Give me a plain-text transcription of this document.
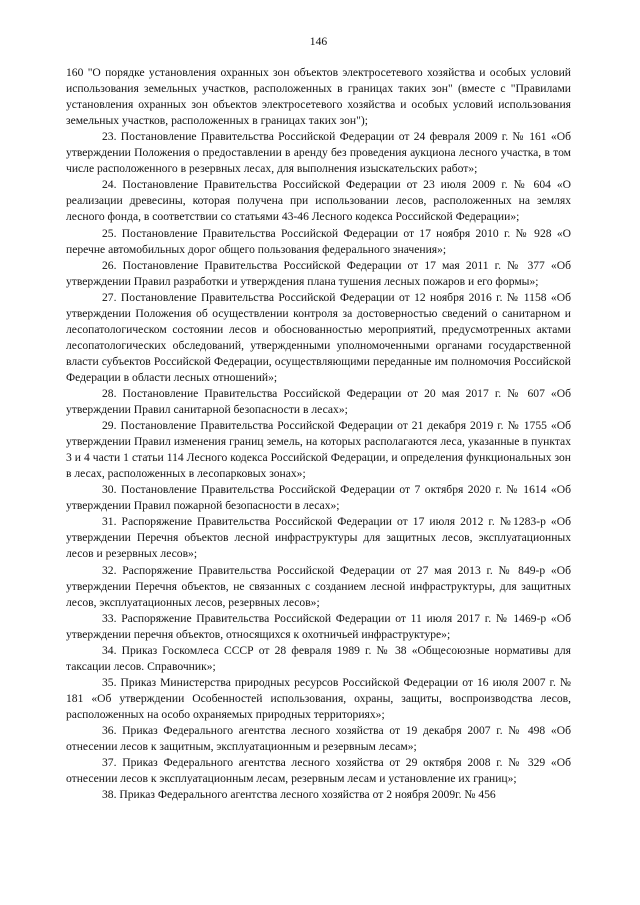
146

160 "О порядке установления охранных зон объектов электросетевого хозяйства и особых условий использования земельных участков, расположенных в границах таких зон" (вместе с "Правилами установления охранных зон объектов электросетевого хозяйства и особых условий использования земельных участков, расположенных в границах таких зон");

23. Постановление Правительства Российской Федерации от 24 февраля 2009 г. № 161 «Об утверждении Положения о предоставлении в аренду без проведения аукциона лесного участка, в том числе расположенного в резервных лесах, для выполнения изыскательских работ»;

24. Постановление Правительства Российской Федерации от 23 июля 2009 г. № 604 «О реализации древесины, которая получена при использовании лесов, расположенных на землях лесного фонда, в соответствии со статьями 43-46 Лесного кодекса Российской Федерации»;

25. Постановление Правительства Российской Федерации от 17 ноября 2010 г. № 928 «О перечне автомобильных дорог общего пользования федерального значения»;

26. Постановление Правительства Российской Федерации от 17 мая 2011 г. № 377 «Об утверждении Правил разработки и утверждения плана тушения лесных пожаров и его формы»;

27. Постановление Правительства Российской Федерации от 12 ноября 2016 г. № 1158 «Об утверждении Положения об осуществлении контроля за достоверностью сведений о санитарном и лесопатологическом состоянии лесов и обоснованностью мероприятий, предусмотренных актами лесопатологических обследований, утвержденными уполномоченными органами государственной власти субъектов Российской Федерации, осуществляющими переданные им полномочия Российской Федерации в области лесных отношений»;

28. Постановление Правительства Российской Федерации от 20 мая 2017 г. № 607 «Об утверждении Правил санитарной безопасности в лесах»;

29. Постановление Правительства Российской Федерации от 21 декабря 2019 г. № 1755 «Об утверждении Правил изменения границ земель, на которых располагаются леса, указанные в пунктах 3 и 4 части 1 статьи 114 Лесного кодекса Российской Федерации, и определения функциональных зон в лесах, расположенных в лесопарковых зонах»;

30. Постановление Правительства Российской Федерации от 7 октября 2020 г. № 1614 «Об утверждении Правил пожарной безопасности в лесах»;

31. Распоряжение Правительства Российской Федерации от 17 июля 2012 г. №1283-р «Об утверждении Перечня объектов лесной инфраструктуры для защитных лесов, эксплуатационных лесов и резервных лесов»;

32. Распоряжение Правительства Российской Федерации от 27 мая 2013 г. № 849-р «Об утверждении Перечня объектов, не связанных с созданием лесной инфраструктуры, для защитных лесов, эксплуатационных лесов, резервных лесов»;

33. Распоряжение Правительства Российской Федерации от 11 июля 2017 г. № 1469-р «Об утверждении перечня объектов, относящихся к охотничьей инфраструктуре»;

34. Приказ Госкомлеса СССР от 28 февраля 1989 г. № 38 «Общесоюзные нормативы для таксации лесов. Справочник»;

35. Приказ Министерства природных ресурсов Российской Федерации от 16 июля 2007 г. № 181 «Об утверждении Особенностей использования, охраны, защиты, воспроизводства лесов, расположенных на особо охраняемых природных территориях»;

36. Приказ Федерального агентства лесного хозяйства от 19 декабря 2007 г. № 498 «Об отнесении лесов к защитным, эксплуатационным и резервным лесам»;

37. Приказ Федерального агентства лесного хозяйства от 29 октября 2008 г. № 329 «Об отнесении лесов к эксплуатационным лесам, резервным лесам и установление их границ»;

38. Приказ Федерального агентства лесного хозяйства от 2 ноября 2009г. № 456
